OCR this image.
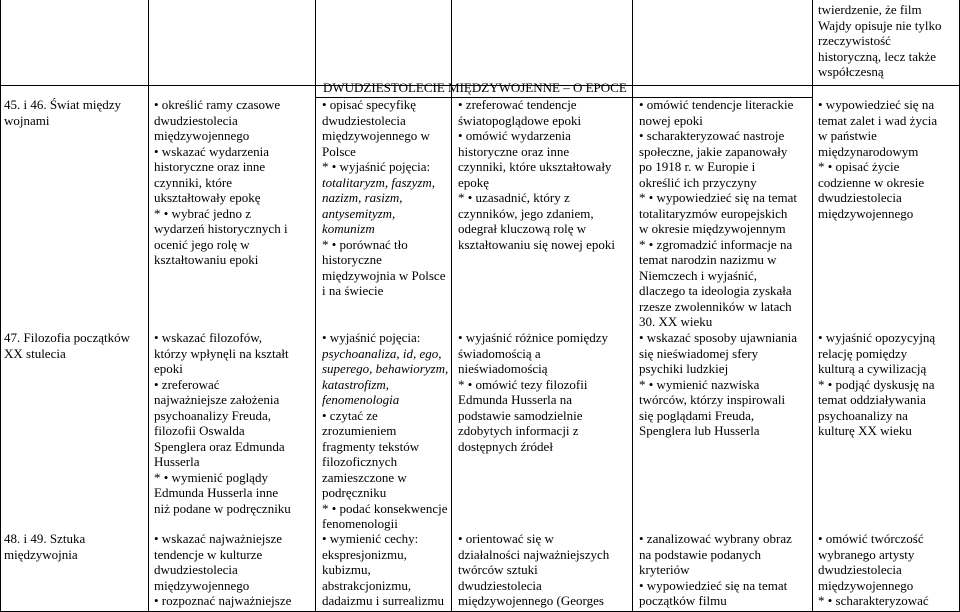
twierdzenie, że film
Wajdy opisuje nie tylko
rzeczywistość
historyczną, lecz także
współczesną
DWUDZIESTOLECIE MIĘDZYWOJENNE – O EPOCE
45. i 46. Świat między
wojnami
• określić ramy czasowe
dwudziestolecia
międzywojennego
• wskazać wydarzenia
historyczne oraz inne
czynniki, które
ukształtowały epokę
* • wybrać jedno z
wydarzeń historycznych i
ocenić jego rolę w
kształtowaniu epoki
• opisać specyfikę
dwudziestolecia
międzywojennego w
Polsce
* • wyjaśnić pojęcia:
totalitaryzm, faszyzm,
nazizm, rasizm,
antysemityzm,
komunizm
* • porównać tło
historyczne
międzywojnia w Polsce
i na świecie
• zreferować tendencje
światopoglądowe epoki
• omówić wydarzenia
historyczne oraz inne
czynniki, które ukształtowały
epokę
* • uzasadnić, który z
czynników, jego zdaniem,
odegrał kluczową rolę w
kształtowaniu się nowej epoki
• omówić tendencje literackie
nowej epoki
• scharakteryzować nastroje
społeczne, jakie zapanowały
po 1918 r. w Europie i
określić ich przyczyny
* • wypowiedzieć się na temat
totalitaryzmów europejskich
w okresie międzywojennym
* • zgromadzić informacje na
temat narodzin nazizmu w
Niemczech i wyjaśnić,
dlaczego ta ideologia zyskała
rzesze zwolenników w latach
30. XX wieku
• wypowiedzieć się na
temat zalet i wad życia
w państwie
międzynarodowym
* • opisać życie
codzienne w okresie
dwudziestolecia
międzywojennego
47. Filozofia początków
XX stulecia
• wskazać filozofów,
którzy wpłynęli na kształt
epoki
• zreferować
najważniejsze założenia
psychoanalizy Freuda,
filozofii Oswalda
Spenglera oraz Edmunda
Husserla
* • wymienić poglądy
Edmunda Husserla inne
niż podane w podręczniku
• wyjaśnić pojęcia:
psychoanaliza, id, ego,
superego, behawioryzm,
katastrofizm,
fenomenologia
• czytać ze
zrozumieniem
fragmenty tekstów
filozoficznych
zamieszczone w
podręczniku
* • podać konsekwencje
fenomenologii
• wyjaśnić różnice pomiędzy
świadomością a
nieświadomością
* • omówić tezy filozofii
Edmunda Husserla na
podstawie samodzielnie
zdobytych informacji z
dostępnych źródeł
• wskazać sposoby ujawniania
się nieświadomej sfery
psychiki ludzkiej
* • wymienić nazwiska
twórców, którzy inspirowali
się poglądami Freuda,
Spenglera lub Husserla
• wyjaśnić opozycyjną
relację pomiędzy
kulturą a cywilizacją
* • podjąć dyskusję na
temat oddziaływania
psychoanalizy na
kulturę XX wieku
48. i 49. Sztuka
międzywojnia
• wskazać najważniejsze
tendencje w kulturze
dwudziestolecia
międzywojennego
• rozpoznać najważniejsze
• wymienić cechy:
ekspresjonizmu,
kubizmu,
abstrakcjonizmu,
dadaizmu i surrealizmu
• orientować się w
działalności najważniejszych
twórców sztuki
dwudziestolecia
międzywojennego (Georges
• zanalizować wybrany obraz
na podstawie podanych
kryteriów
• wypowiedzieć się na temat
początków filmu
• omówić twórczość
wybranego artysty
dwudziestolecia
międzywojennego
* • scharakteryzować
